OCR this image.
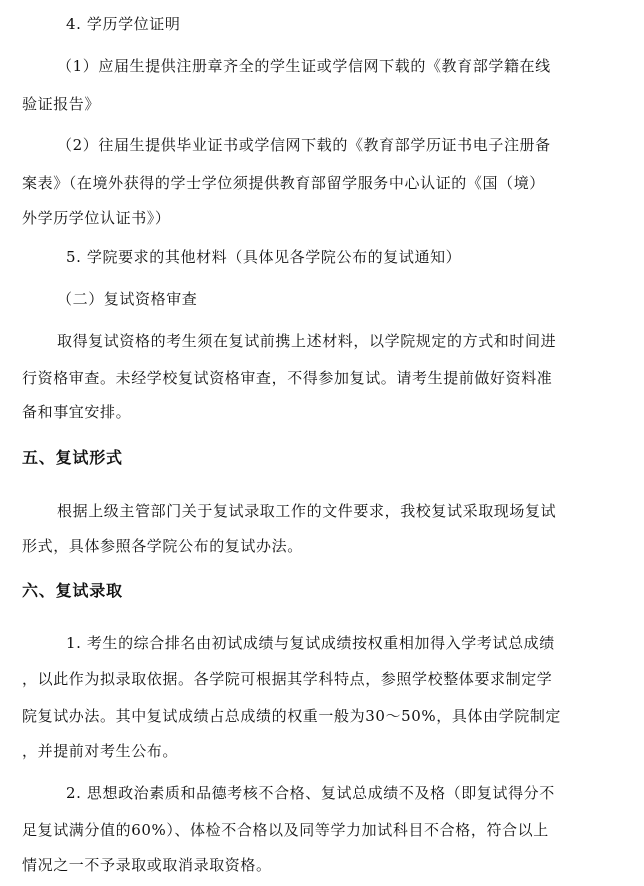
4. 学历学位证明
（1）应届生提供注册章齐全的学生证或学信网下载的《教育部学籍在线
验证报告》
（2）往届生提供毕业证书或学信网下载的《教育部学历证书电子注册备
案表》（在境外获得的学士学位须提供教育部留学服务中心认证的《国（境）
外学历学位认证书》）
5. 学院要求的其他材料（具体见各学院公布的复试通知）
（二）复试资格审查
取得复试资格的考生须在复试前携上述材料，以学院规定的方式和时间进
行资格审查。未经学校复试资格审查，不得参加复试。请考生提前做好资料准
备和事宜安排。
五、复试形式
根据上级主管部门关于复试录取工作的文件要求，我校复试采取现场复试
形式，具体参照各学院公布的复试办法。
六、复试录取
1. 考生的综合排名由初试成绩与复试成绩按权重相加得入学考试总成绩
，以此作为拟录取依据。各学院可根据其学科特点，参照学校整体要求制定学
院复试办法。其中复试成绩占总成绩的权重一般为30～50%，具体由学院制定
，并提前对考生公布。
2. 思想政治素质和品德考核不合格、复试总成绩不及格（即复试得分不
足复试满分值的60%）、体检不合格以及同等学力加试科目不合格，符合以上
情况之一不予录取或取消录取资格。
